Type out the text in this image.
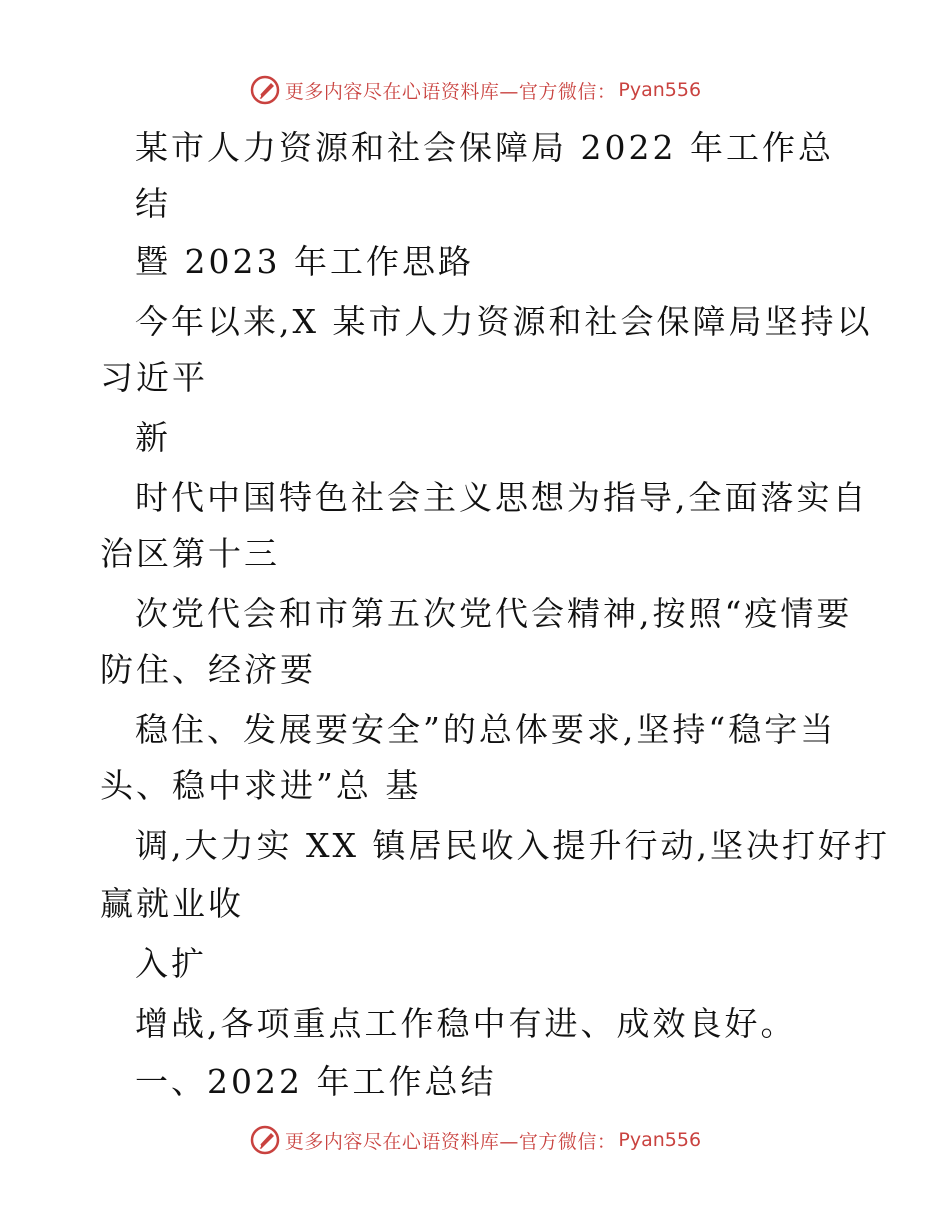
更多内容尽在心语资料库—官方微信： Pyan556
某市人力资源和社会保障局 2022 年工作总
结
暨 2023 年工作思路
今年以来,X 某市人力资源和社会保障局坚持以
习近平
新
时代中国特色社会主义思想为指导,全面落实自
治区第十三
次党代会和市第五次党代会精神,按照“疫情要
防住、经济要
稳住、发展要安全”的总体要求,坚持“稳字当
头、稳中求进”总 基
调,大力实 XX 镇居民收入提升行动,坚决打好打
赢就业收
入扩
增战,各项重点工作稳中有进、成效良好。
一、2022 年工作总结
更多内容尽在心语资料库—官方微信： Pyan556
